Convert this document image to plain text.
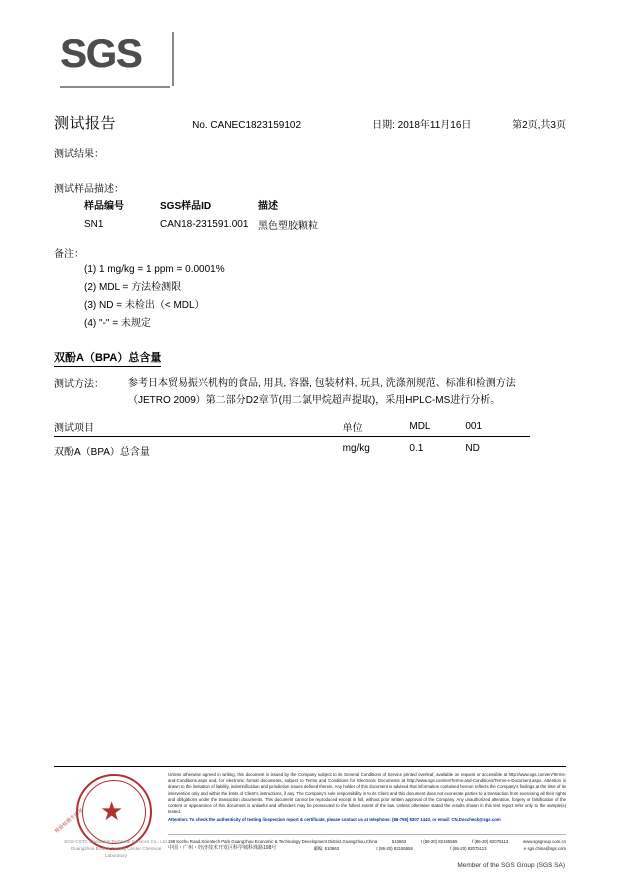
SGS
测试报告	No. CANEC1823159102	日期: 2018年11月16日	第2页,共3页
测试结果：
测试样品描述：
样品编号	SGS样品ID	描述
SN1	CAN18-231591.001	黑色塑胶颗粒
备注：
(1) 1 mg/kg = 1 ppm = 0.0001%
(2) MDL = 方法检测限
(3) ND = 未检出（< MDL）
(4) "-" = 未规定
双酚A（BPA）总含量
测试方法： 参考日本贸易振兴机构的食品, 用具, 容器, 包装材料, 玩具, 洗涤剂规范、标准和检测方法（JETRO 2009）第二部分D2章节(用二氯甲烷超声提取)，采用HPLC-MS进行分析。
测试项目	单位	MDL	001
双酚A（BPA）总含量	mg/kg	0.1	ND
★
检验检测专用章
SGS-CSTC Standards Technical Services Co., Ltd.
Guangzhou Branch Testing Center Chemical Laboratory
Unless otherwise agreed in writing, this document is issued by the Company subject to its General Conditions of Service printed overleaf, available on request or accessible at http://www.sgs.com/en/Terms-and-Conditions.aspx and, for electronic format documents, subject to Terms and Conditions for Electronic Documents at http://www.sgs.com/en/Terms-and-Conditions/Terms-e-Document.aspx. Attention is drawn to the limitation of liability, indemnification and jurisdiction issues defined therein. Any holder of this document is advised that information contained hereon reflects the Company's findings at the time of its intervention only and within the limits of Client's instructions, if any. The Company's sole responsibility is to its Client and this document does not exonerate parties to a transaction from exercising all their rights and obligations under the transaction documents. This document cannot be reproduced except in full, without prior written approval of the Company. Any unauthorized alteration, forgery or falsification of the content or appearance of this document is unlawful and offenders may be prosecuted to the fullest extent of the law. Unless otherwise stated the results shown in this test report refer only to the sample(s) tested.
Attention: To check the authenticity of testing /inspection report & certificate, please contact us at telephone: (86-755) 8307 1443, or email: CN.Doccheck@sgs.com
198 Kezhu Road,Scientech Park Guangzhou Economic & Technology Development District,Guangzhou,China	510663	t (86-20) 82155555	f (86-20) 82075113	www.sgsgroup.com.cn
中国・广州・经济技术开发区科学城科珠路198号	邮编: 510663	t (86-20) 82155555	f (86-20) 82075113	e sgs.china@sgs.com
Member of the SGS Group (SGS SA)
